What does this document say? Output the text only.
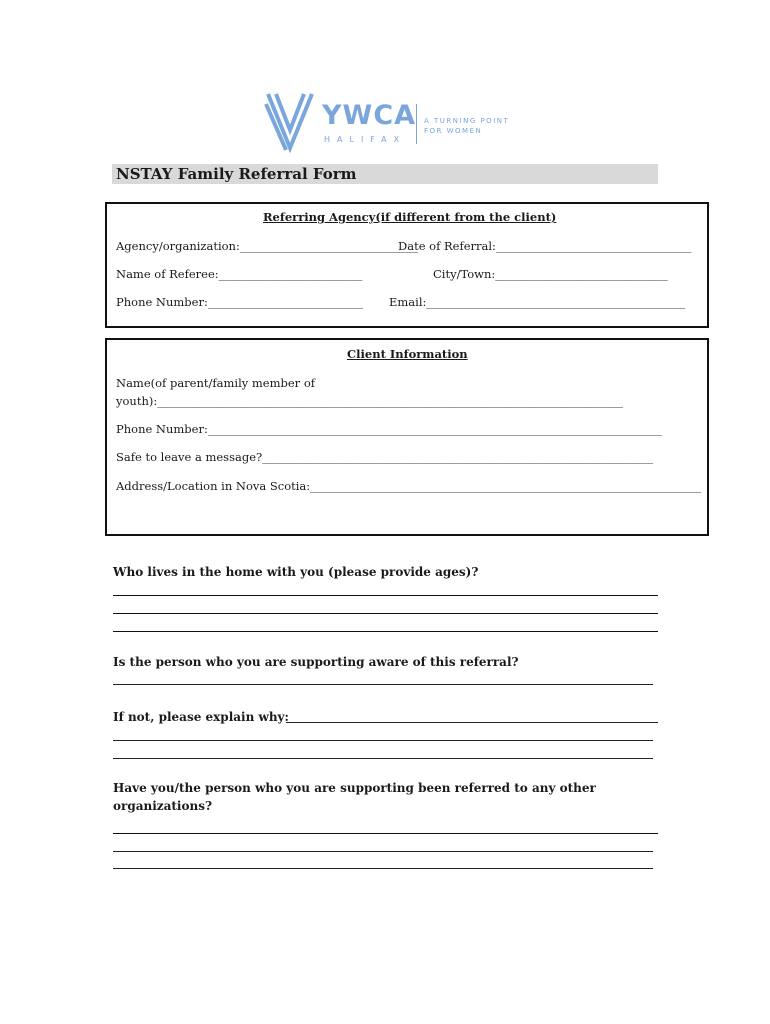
YWCA
HALIFAX
A TURNING POINT
FOR WOMEN
NSTAY Family Referral Form
Referring Agency(if different from the client)
Agency/organization:_______________________________
Date of Referral:__________________________________
Name of Referee:_________________________	City/Town:______________________________
Phone Number:___________________________ Email:_____________________________________________
Client Information
Name(of parent/family member of
youth):_________________________________________________________________________________
Phone Number:_______________________________________________________________________________
Safe to leave a message?____________________________________________________________________
Address/Location in Nova Scotia:____________________________________________________________________
Who lives in the home with you (please provide ages)?
Is the person who you are supporting aware of this referral?
If not, please explain why:
Have you/the person who you are supporting been referred to any other
organizations?
